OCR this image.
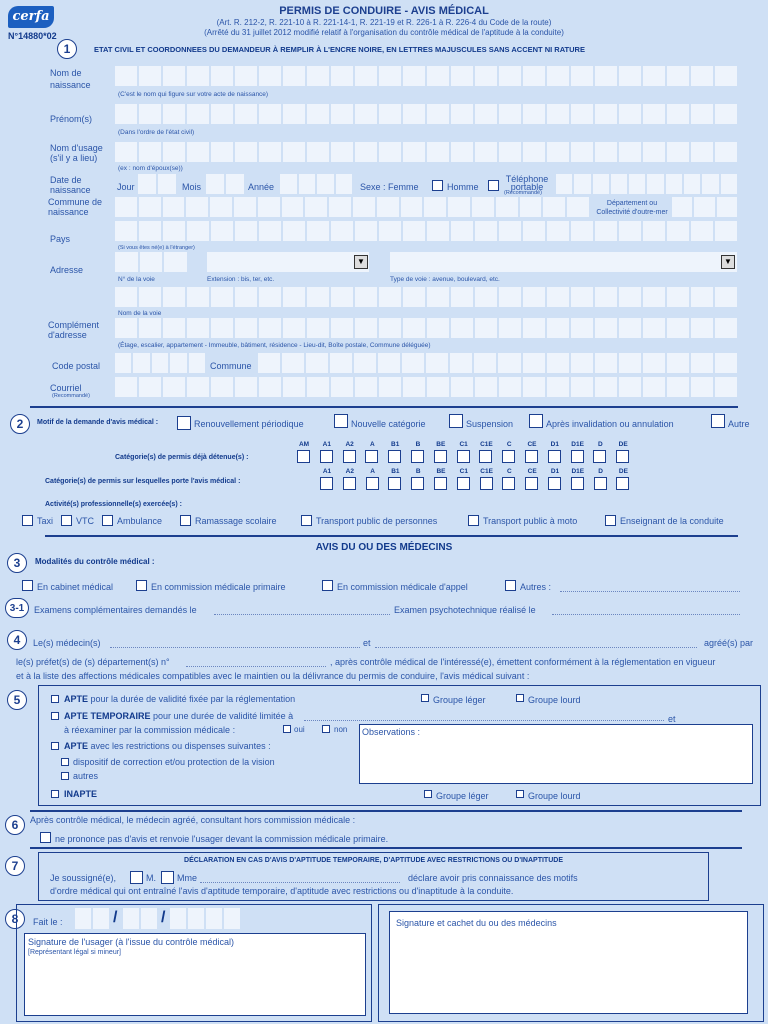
cerfa
N°14880*02
PERMIS DE CONDUIRE - AVIS MÉDICAL
(Art. R. 212-2, R. 221-10 à R. 221-14-1, R. 221-19 et R. 226-1 à R. 226-4 du Code de la route)
(Arrêté du 31 juillet 2012 modifié relatif à l'organisation du contrôle médical de l'aptitude à la conduite)
1	ETAT CIVIL ET COORDONNEES DU DEMANDEUR À REMPLIR À L'ENCRE NOIRE, EN LETTRES MAJUSCULES SANS ACCENT NI RATURE
Nom de naissance
(C'est le nom qui figure sur votre acte de naissance)
Prénom(s)
(Dans l'ordre de l'état civil)
Nom d'usage (s'il y a lieu)
(ex : nom d'époux(se))
Date de naissance	Jour	Mois	Année	Sexe : Femme	Homme
Téléphone portable
(Recommandé)
Commune de naissance
Département ou Collectivité d'outre-mer
Pays
(Si vous êtes né(e) à l'étranger)
Adresse
▼	▼
N° de la voie	Extension : bis, ter, etc.	Type de voie : avenue, boulevard, etc.
Nom de la voie
Complément d'adresse
(Étage, escalier, appartement - Immeuble, bâtiment, résidence - Lieu-dit, Boîte postale, Commune déléguée)
Code postal	Commune
Courriel
(Recommandé)
2	Motif de la demande d'avis médical :	Renouvellement périodique	Nouvelle catégorie	Suspension	Après invalidation ou annulation	Autre
Catégorie(s) de permis déjà détenue(s) :
AM	A1	A2	A	B1	B	BE	C1	C1E	C	CE	D1	D1E	D	DE
Catégorie(s) de permis sur lesquelles porte l'avis médical :
A1	A2	A	B1	B	BE	C1	C1E	C	CE	D1	D1E	D	DE
Activité(s) professionnelle(s) exercée(s) :
Taxi	VTC	Ambulance	Ramassage scolaire	Transport public de personnes	Transport public à moto	Enseignant de la conduite
AVIS DU OU DES MÉDECINS
3	Modalités du contrôle médical :
En cabinet médical	En commission médicale primaire	En commission médicale d'appel	Autres :
3-1	Examens complémentaires demandés le	Examen psychotechnique réalisé le
4	Le(s) médecin(s)	et	agréé(s) par
le(s) préfet(s) de (s) département(s) n°	, après contrôle médical de l'intéressé(e), émettent conformément à la réglementation en vigueur
et à la liste des affections médicales compatibles avec le maintien ou la délivrance du permis de conduire, l'avis médical suivant :
5	APTE pour la durée de validité fixée par la réglementation	Groupe léger	Groupe lourd
APTE TEMPORAIRE pour une durée de validité limitée à	et
à réexaminer par la commission médicale :	oui	non Observations :
APTE avec les restrictions ou dispenses suivantes :
dispositif de correction et/ou protection de la vision
autres
INAPTE	Groupe léger	Groupe lourd
6	Après contrôle médical, le médecin agréé, consultant hors commission médicale :
ne prononce pas d'avis et renvoie l'usager devant la commission médicale primaire.
7	DÉCLARATION EN CAS D'AVIS D'APTITUDE TEMPORAIRE, D'APTITUDE AVEC RESTRICTIONS OU D'INAPTITUDE
Je soussigné(e),	M. Mme	déclare avoir pris connaissance des motifs
d'ordre médical qui ont entraîné l'avis d'aptitude temporaire, d'aptitude avec restrictions ou d'inaptitude à la conduite.
8	Fait le :	/	/
Signature de l'usager (à l'issue du contrôle médical)
[Représentant légal si mineur]
Signature et cachet du ou des médecins
